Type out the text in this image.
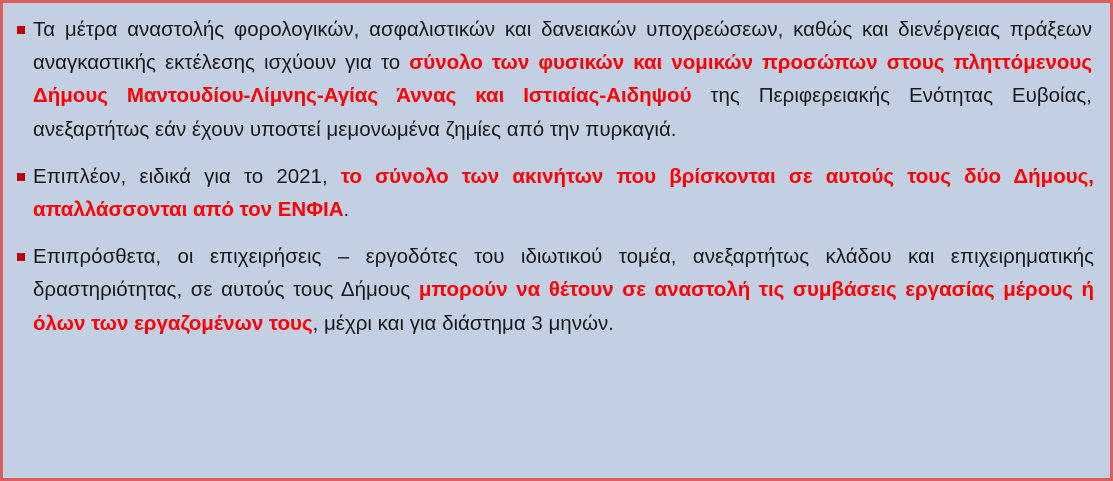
Τα μέτρα αναστολής φορολογικών, ασφαλιστικών και δανειακών υποχρεώσεων, καθώς και διενέργειας πράξεων αναγκαστικής εκτέλεσης ισχύουν για το σύνολο των φυσικών και νομικών προσώπων στους πληττόμενους Δήμους Μαντουδίου-Λίμνης-Αγίας Άννας και Ιστιαίας-Αιδηψού της Περιφερειακής Ενότητας Ευβοίας, ανεξαρτήτως εάν έχουν υποστεί μεμονωμένα ζημίες από την πυρκαγιά.
Επιπλέον, ειδικά για το 2021, το σύνολο των ακινήτων που βρίσκονται σε αυτούς τους δύο Δήμους, απαλλάσσονται από τον ΕΝΦΙΑ.
Επιπρόσθετα, οι επιχειρήσεις – εργοδότες του ιδιωτικού τομέα, ανεξαρτήτως κλάδου και επιχειρηματικής δραστηριότητας, σε αυτούς τους Δήμους μπορούν να θέτουν σε αναστολή τις συμβάσεις εργασίας μέρους ή όλων των εργαζομένων τους, μέχρι και για διάστημα 3 μηνών.
